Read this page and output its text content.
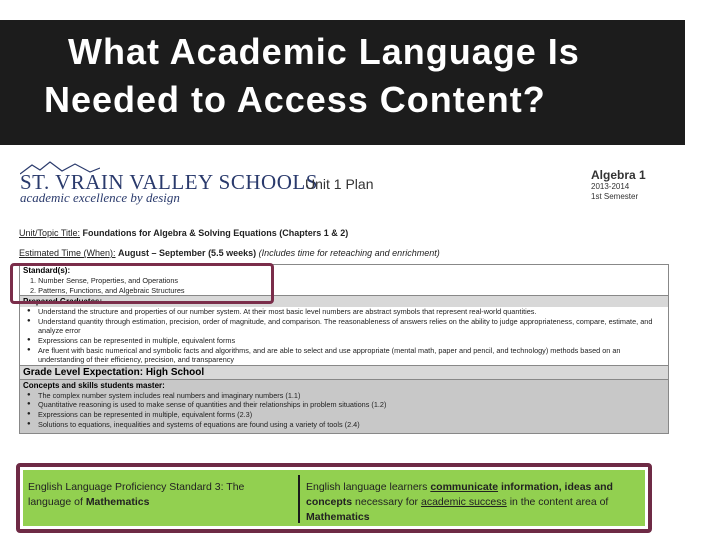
What Academic Language Is
Needed to Access Content?
ST. VRAIN VALLEY SCHOOLS
academic excellence by design
Unit 1 Plan
Algebra 1
2013-2014
1st Semester
Unit/Topic Title: Foundations for Algebra & Solving Equations (Chapters 1 & 2)
Estimated Time (When): August – September (5.5 weeks) (Includes time for reteaching and enrichment)
Standard(s):
1. Number Sense, Properties, and Operations
2. Patterns, Functions, and Algebraic Structures
Prepared Graduates:
● Understand the structure and properties of our number system. At their most basic level numbers are abstract symbols that represent real-world quantities.
● Understand quantity through estimation, precision, order of magnitude, and comparison. The reasonableness of answers relies on the ability to judge appropriateness, compare, estimate, and analyze error
● Expressions can be represented in multiple, equivalent forms
● Are fluent with basic numerical and symbolic facts and algorithms, and are able to select and use appropriate (mental math, paper and pencil, and technology) methods based on an understanding of their efficiency, precision, and transparency
Grade Level Expectation: High School
Concepts and skills students master:
● The complex number system includes real numbers and imaginary numbers (1.1)
● Quantitative reasoning is used to make sense of quantities and their relationships in problem situations (1.2)
● Expressions can be represented in multiple, equivalent forms (2.3)
● Solutions to equations, inequalities and systems of equations are found using a variety of tools (2.4)
English Language Proficiency Standard 3: The language of Mathematics
English language learners communicate information, ideas and concepts necessary for academic success in the content area of Mathematics
